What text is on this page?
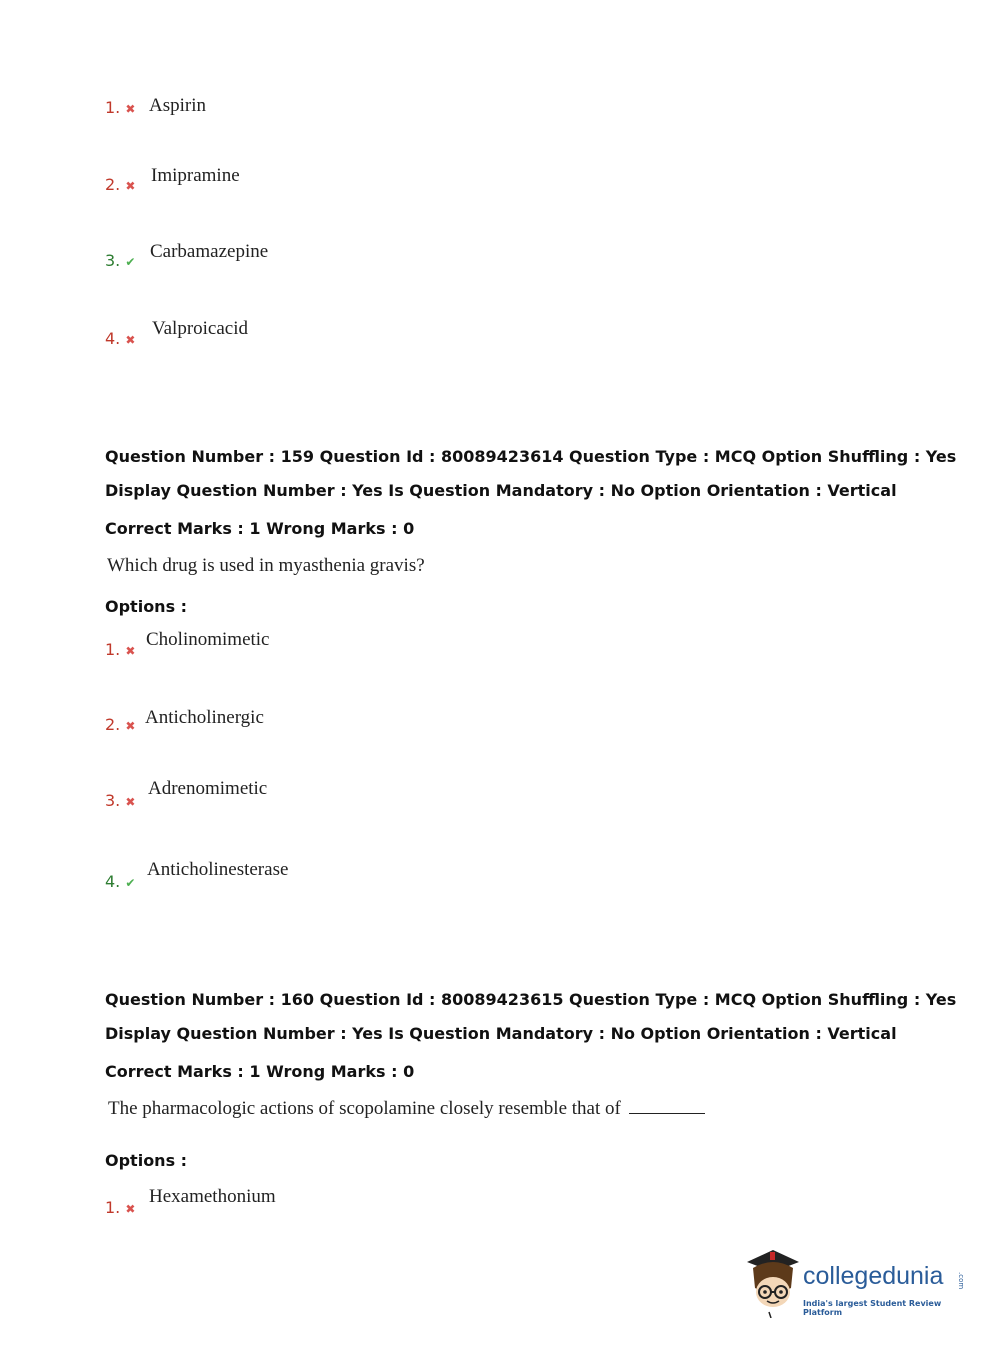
1. ✖ Aspirin
2. ✖ Imipramine
3. ✔ Carbamazepine
4. ✖
Valproicacid
Question Number : 159 Question Id : 80089423614 Question Type : MCQ Option Shuffling : Yes
Display Question Number : Yes Is Question Mandatory : No Option Orientation : Vertical
Correct Marks : 1 Wrong Marks : 0
Which drug is used in myasthenia gravis?
Options :
1. ✖
Cholinomimetic
2. ✖ Anticholinergic
3. ✖
Adrenomimetic
4. ✔
Anticholinesterase
Question Number : 160 Question Id : 80089423615 Question Type : MCQ Option Shuffling : Yes
Display Question Number : Yes Is Question Mandatory : No Option Orientation : Vertical
Correct Marks : 1 Wrong Marks : 0
The pharmacologic actions of scopolamine closely resemble that of
Options :
1. ✖
Hexamethonium
collegedunia .com
India's largest Student Review Platform
